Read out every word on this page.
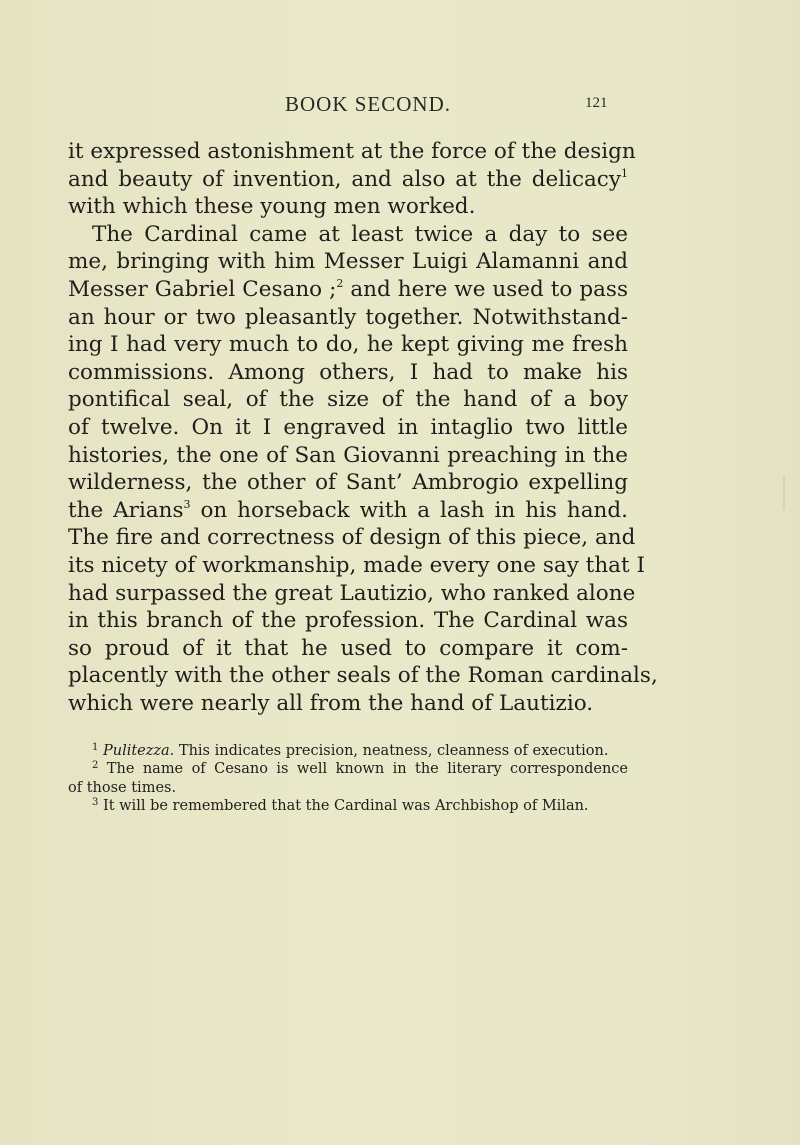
BOOK SECOND.	121
it expressed astonishment at the force of the design
and beauty of invention, and also at the delicacy$^1$
with which these young men worked.
The Cardinal came at least twice a day to see
me, bringing with him Messer Luigi Alamanni and
Messer Gabriel Cesano ;$^2$ and here we used to pass
an hour or two pleasantly together. Notwithstand-
ing I had very much to do, he kept giving me fresh
commissions. Among others, I had to make his
pontifical seal, of the size of the hand of a boy
of twelve. On it I engraved in intaglio two little
histories, the one of San Giovanni preaching in the
wilderness, the other of Sant’ Ambrogio expelling
the Arians$^3$ on horseback with a lash in his hand.
The fire and correctness of design of this piece, and
its nicety of workmanship, made every one say that I
had surpassed the great Lautizio, who ranked alone
in this branch of the profession. The Cardinal was
so proud of it that he used to compare it com-
placently with the other seals of the Roman cardinals,
which were nearly all from the hand of Lautizio.
$^1$ Pulitezza. This indicates precision, neatness, cleanness of execution.
$^2$ The name of Cesano is well known in the literary correspondence
of those times.
$^3$ It will be remembered that the Cardinal was Archbishop of Milan.
